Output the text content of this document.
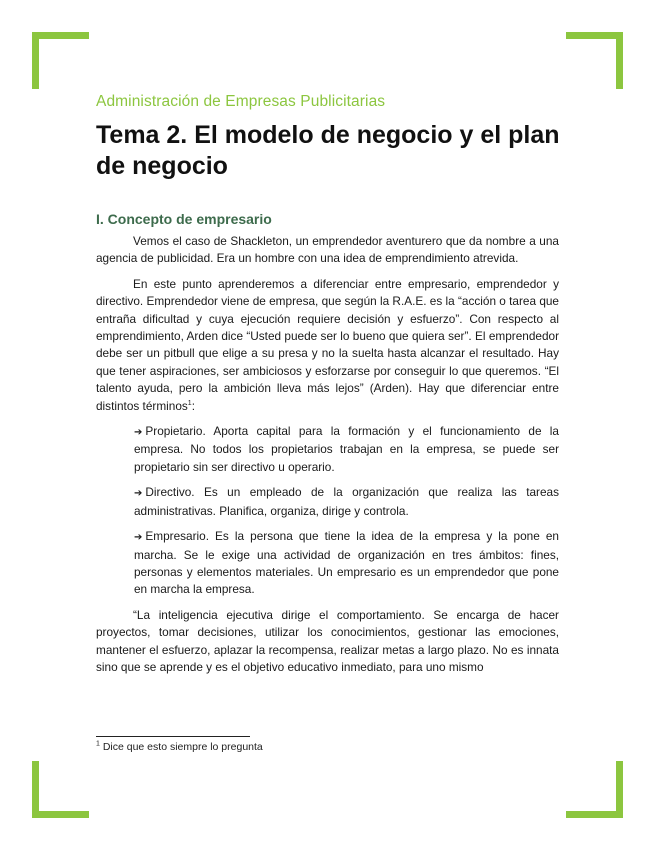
Administración de Empresas Publicitarias
Tema 2. El modelo de negocio y el plan de negocio
I. Concepto de empresario

Vemos el caso de Shackleton, un emprendedor aventurero que da nombre a una agencia de publicidad. Era un hombre con una idea de emprendimiento atrevida.

En este punto aprenderemos a diferenciar entre empresario, emprendedor y directivo. Emprendedor viene de empresa, que según la R.A.E. es la “acción o tarea que entraña dificultad y cuya ejecución requiere decisión y esfuerzo”. Con respecto al emprendimiento, Arden dice “Usted puede ser lo bueno que quiera ser”. El emprendedor debe ser un pitbull que elige a su presa y no la suelta hasta alcanzar el resultado. Hay que tener aspiraciones, ser ambiciosos y esforzarse por conseguir lo que queremos. “El talento ayuda, pero la ambición lleva más lejos” (Arden). Hay que diferenciar entre distintos términos$^1$:

➔ Propietario. Aporta capital para la formación y el funcionamiento de la empresa. No todos los propietarios trabajan en la empresa, se puede ser propietario sin ser directivo u operario.
➔ Directivo. Es un empleado de la organización que realiza las tareas administrativas. Planifica, organiza, dirige y controla.
➔ Empresario. Es la persona que tiene la idea de la empresa y la pone en marcha. Se le exige una actividad de organización en tres ámbitos: fines, personas y elementos materiales. Un empresario es un emprendedor que pone en marcha la empresa.

“La inteligencia ejecutiva dirige el comportamiento. Se encarga de hacer proyectos, tomar decisiones, utilizar los conocimientos, gestionar las emociones, mantener el esfuerzo, aplazar la recompensa, realizar metas a largo plazo. No es innata sino que se aprende y es el objetivo educativo inmediato, para uno mismo

$^1$ Dice que esto siempre lo pregunta
